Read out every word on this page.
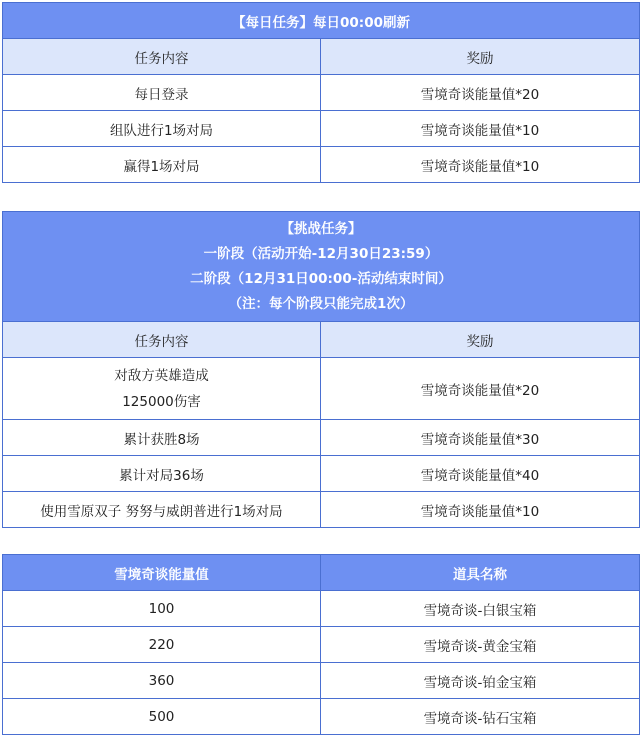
【每日任务】每日00:00刷新	
任务内容	奖励
每日登录	雪境奇谈能量值*20
组队进行1场对局	雪境奇谈能量值*10
赢得1场对局	雪境奇谈能量值*10
【挑战任务】
一阶段（活动开始-12月30日23:59）
二阶段（12月31日00:00-活动结束时间）
（注：每个阶段只能完成1次）	

任务内容	奖励

对敌方英雄造成
125000伤害	雪境奇谈能量值*20
累计获胜8场	雪境奇谈能量值*30
累计对局36场	雪境奇谈能量值*40
使用雪原双子 努努与威朗普进行1场对局	雪境奇谈能量值*10
雪境奇谈能量值	道具名称
100	雪境奇谈-白银宝箱
220	雪境奇谈-黄金宝箱
360	雪境奇谈-铂金宝箱
500	雪境奇谈-钻石宝箱
